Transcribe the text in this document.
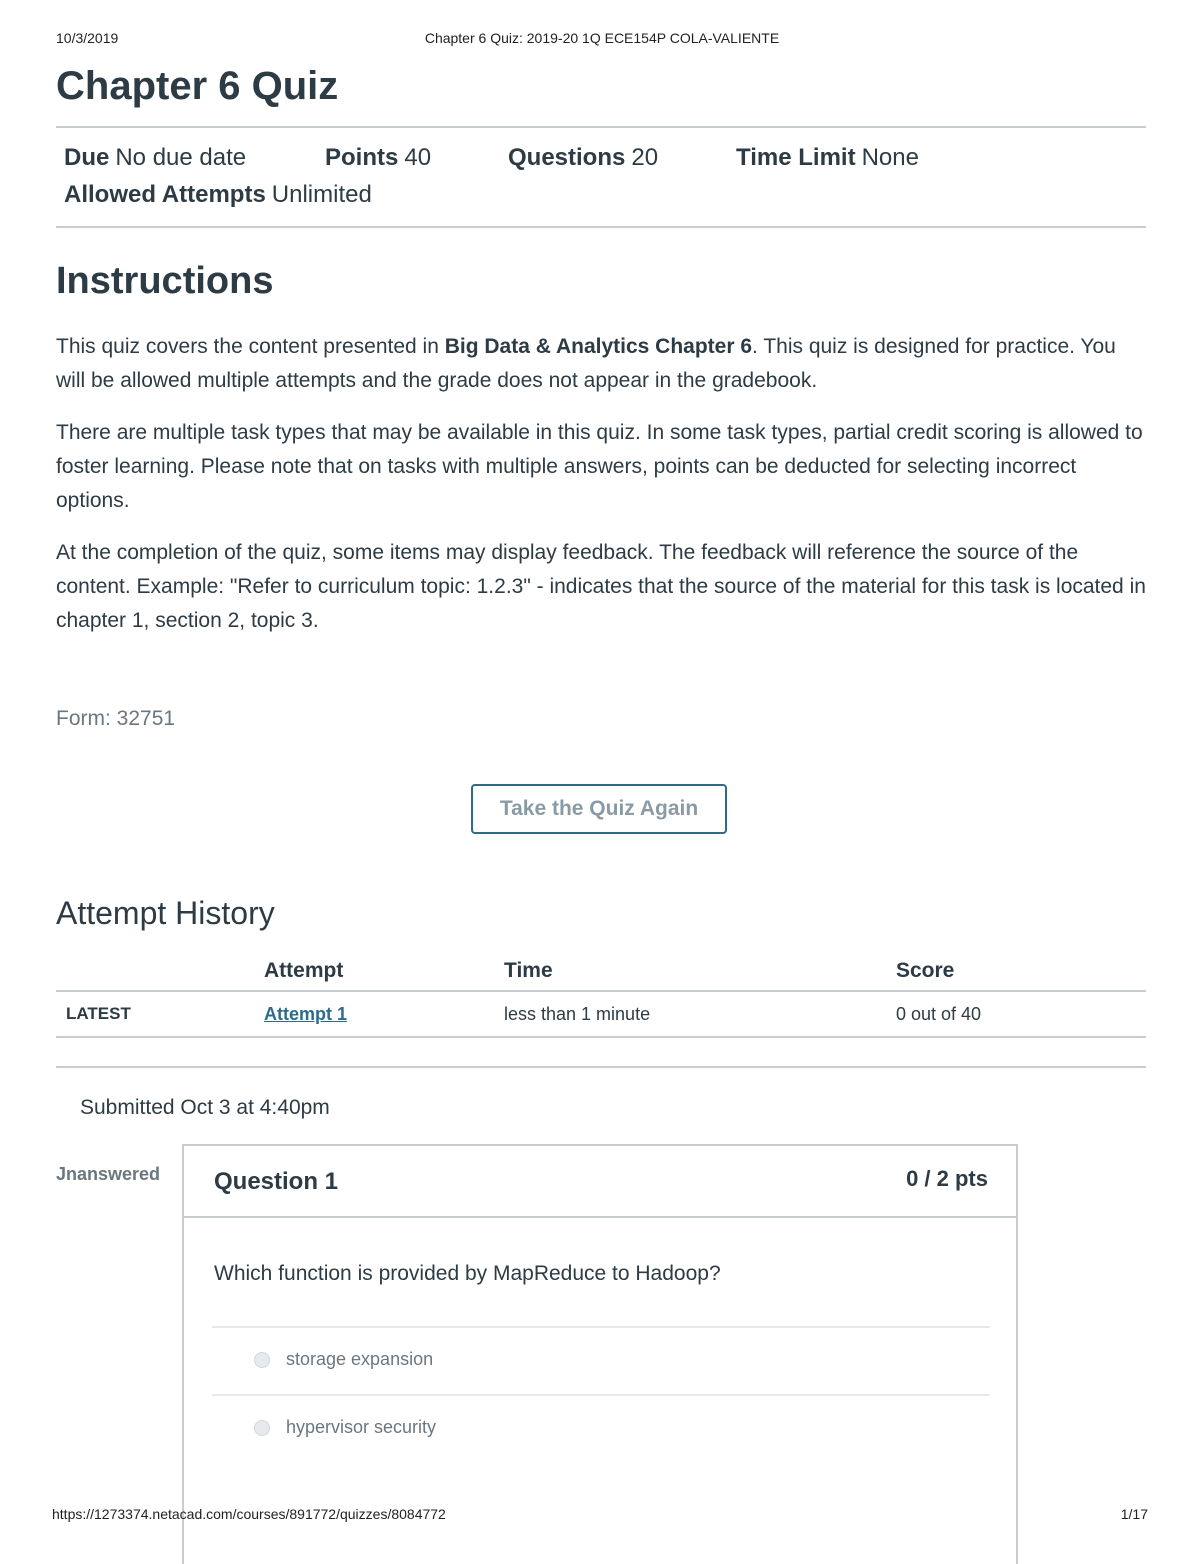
10/3/2019	Chapter 6 Quiz: 2019-20 1Q ECE154P COLA-VALIENTE
Chapter 6 Quiz
Due No due date	Points 40	Questions 20	Time Limit None
Allowed Attempts Unlimited
Instructions

This quiz covers the content presented in Big Data & Analytics Chapter 6. This quiz is designed for practice. You will be allowed multiple attempts and the grade does not appear in the gradebook.

There are multiple task types that may be available in this quiz. In some task types, partial credit scoring is allowed to foster learning. Please note that on tasks with multiple answers, points can be deducted for selecting incorrect options.

At the completion of the quiz, some items may display feedback. The feedback will reference the source of the content. Example: "Refer to curriculum topic: 1.2.3" - indicates that the source of the material for this task is located in chapter 1, section 2, topic 3.

Form: 32751
Take the Quiz Again
Attempt History
	Attempt	Time	Score
LATEST	Attempt 1	less than 1 minute	0 out of 40
Submitted Oct 3 at 4:40pm
Jnanswered Question 1	0 / 2 pts
Which function is provided by MapReduce to Hadoop?
storage expansion
hypervisor security
https://1273374.netacad.com/courses/891772/quizzes/8084772	1/17
